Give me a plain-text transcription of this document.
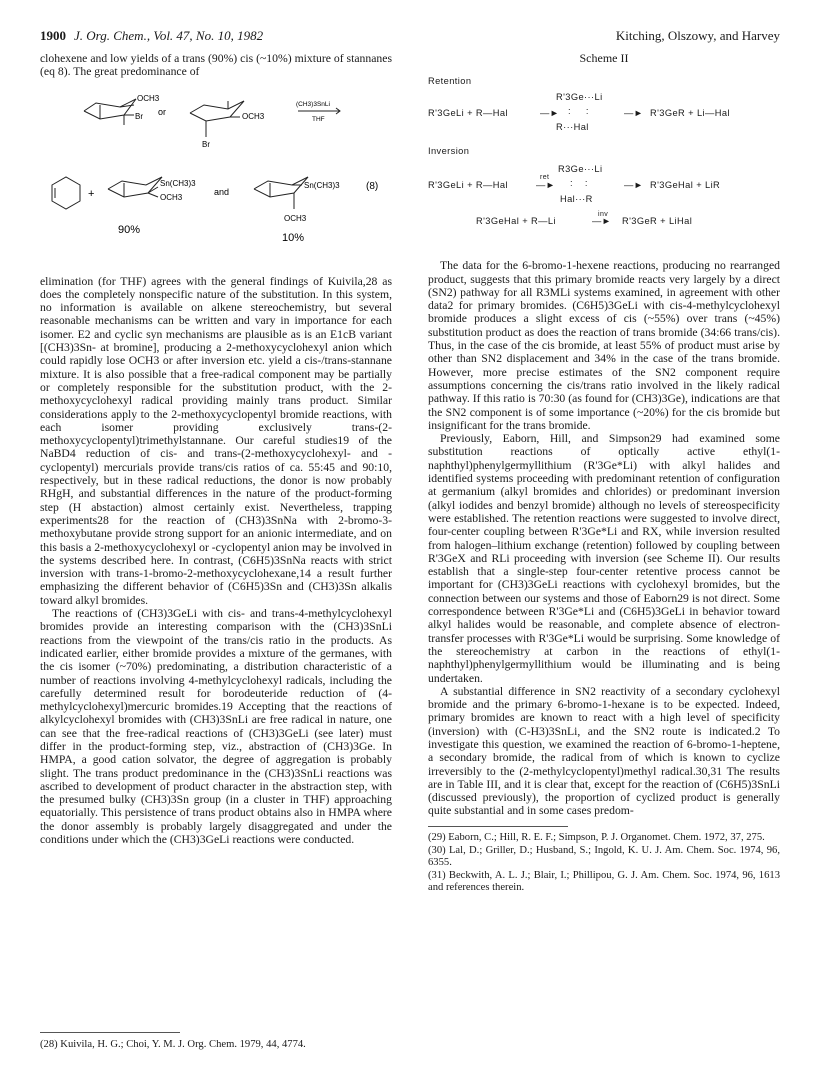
1900 J. Org. Chem., Vol. 47, No. 10, 1982	Kitching, Olszowy, and Harvey

clohexene and low yields of a trans (90%) cis (~10%) mixture of stannanes (eq 8). The great predominance of

OCH3
Br or	OCH3
Br
(CH3)3SnLi
THF
+
Sn(CH3)3
OCH3
and
Sn(CH3)3	(8)
OCH3
90%
10%

elimination (for THF) agrees with the general findings of Kuivila,28 as does the completely nonspecific nature of the substitution. In this system, no information is available on alkene stereochemistry, but several reasonable mechanisms can be written and vary in importance for each isomer. E2 and cyclic syn mechanisms are plausible as is an E1cB variant [(CH3)3Sn- at bromine], producing a 2-methoxycyclohexyl anion which could rapidly lose OCH3 or after inversion etc. yield a cis-/trans-stannane mixture. It is also possible that a free-radical component may be partially or completely responsible for the substitution product, with the 2-methoxycyclohexyl radical providing mainly trans product. Similar considerations apply to the 2-methoxycyclopentyl bromide reactions, with each isomer providing exclusively trans-(2-methoxycyclopentyl)trimethylstannane. Our careful studies19 of the NaBD4 reduction of cis- and trans-(2-methoxycyclohexyl- and -cyclopentyl) mercurials provide trans/cis ratios of ca. 55:45 and 90:10, respectively, but in these radical reductions, the donor is now probably RHgH, and substantial differences in the nature of the product-forming step (H abstaction) almost certainly exist. Nevertheless, trapping experiments28 for the reaction of (CH3)3SnNa with 2-bromo-3-methoxybutane provide strong support for an anionic intermediate, and on this basis a 2-methoxycyclohexyl or -cyclopentyl anion may be involved in the systems described here. In contrast, (C6H5)3SnNa reacts with strict inversion with trans-1-bromo-2-methoxycyclohexane,14 a result further emphasizing the different behavior of (C6H5)3Sn and (CH3)3Sn alkalis toward alkyl bromides.

The reactions of (CH3)3GeLi with cis- and trans-4-methylcyclohexyl bromides provide an interesting comparison with the (CH3)3SnLi reactions from the viewpoint of the trans/cis ratio in the products. As indicated earlier, either bromide provides a mixture of the germanes, with the cis isomer (~70%) predominating, a distribution characteristic of a number of reactions involving 4-methylcyclohexyl radicals, including the carefully determined result for borodeuteride reduction of (4-methylcyclohexyl)mercuric bromides.19 Accepting that the reactions of alkylcyclohexyl bromides with (CH3)3SnLi are free radical in nature, one can see that the free-radical reactions of (CH3)3GeLi (see later) must differ in the product-forming step, viz., abstraction of (CH3)3Ge. In HMPA, a good cation solvator, the degree of aggregation is probably slight. The trans product predominance in the (CH3)3SnLi reactions was ascribed to development of product character in the abstraction step, with the presumed bulky (CH3)3Sn group (in a cluster in THF) approaching equatorially. This persistence of trans product obtains also in HMPA where the donor assembly is probably largely disaggregated and under the conditions under which the (CH3)3GeLi reactions were conducted.

(28) Kuivila, H. G.; Choi, Y. M. J. Org. Chem. 1979, 44, 4774.
Scheme II
Retention
R'3Ge···Li
R'3GeLi + R—Hal	—► :     :	—► R'3GeR + Li—Hal
R···Hal
Inversion
R3Ge···Li
R'3GeLi + R—Hal
ret
—► :    :	—► R'3GeHal + LiR
Hal···R
R'3GeHal + R—Li
inv
—► R'3GeR + LiHal

The data for the 6-bromo-1-hexene reactions, producing no rearranged product, suggests that this primary bromide reacts very largely by a direct (SN2) pathway for all R3MLi systems examined, in agreement with other data2 for primary bromides. (C6H5)3GeLi with cis-4-methylcyclohexyl bromide produces a slight excess of cis (~55%) over trans (~45%) substitution product as does the reaction of trans bromide (34:66 trans/cis). Thus, in the case of the cis bromide, at least 55% of product must arise by other than SN2 displacement and 34% in the case of the trans bromide. However, more precise estimates of the SN2 component require assumptions concerning the cis/trans ratio involved in the likely radical pathway. If this ratio is 70:30 (as found for (CH3)3Ge), indications are that the SN2 component is of some importance (~20%) for the cis bromide but insignificant for the trans bromide.

Previously, Eaborn, Hill, and Simpson29 had examined some substitution reactions of optically active ethyl(1-naphthyl)phenylgermyllithium (R'3Ge*Li) with alkyl halides and identified systems proceeding with predominant retention of configuration at germanium (alkyl bromides and chlorides) or predominant inversion (alkyl iodides and benzyl bromide) although no levels of stereospecificity were established. The retention reactions were suggested to involve direct, four-center coupling between R'3Ge*Li and RX, while inversion resulted from halogen–lithium exchange (retention) followed by coupling between R'3GeX and RLi proceeding with inversion (see Scheme II). Our results establish that a single-step four-center retentive process cannot be important for (CH3)3GeLi reactions with cyclohexyl bromides, but the connection between our systems and those of Eaborn29 is not direct. Some correspondence between R'3Ge*Li and (C6H5)3GeLi in behavior toward alkyl halides would be reasonable, and complete absence of electron-transfer processes with R'3Ge*Li would be surprising. Some knowledge of the stereochemistry at carbon in the reactions of ethyl(1-naphthyl)phenylgermyllithium would be illuminating and is being undertaken.

A substantial difference in SN2 reactivity of a secondary cyclohexyl bromide and the primary 6-bromo-1-hexane is to be expected. Indeed, primary bromides are known to react with a high level of specificity (inversion) with (C-H3)3SnLi, and the SN2 route is indicated.2 To investigate this question, we examined the reaction of 6-bromo-1-heptene, a secondary bromide, the radical from of which is known to cyclize irreversibly to the (2-methylcyclopentyl)methyl radical.30,31 The results are in Table III, and it is clear that, except for the reaction of (C6H5)3SnLi (discussed previously), the proportion of cyclized product is generally quite substantial and in some cases predom-

(29) Eaborn, C.; Hill, R. E. F.; Simpson, P. J. Organomet. Chem. 1972, 37, 275.

(30) Lal, D.; Griller, D.; Husband, S.; Ingold, K. U. J. Am. Chem. Soc. 1974, 96, 6355.

(31) Beckwith, A. L. J.; Blair, I.; Phillipou, G. J. Am. Chem. Soc. 1974, 96, 1613 and references therein.
